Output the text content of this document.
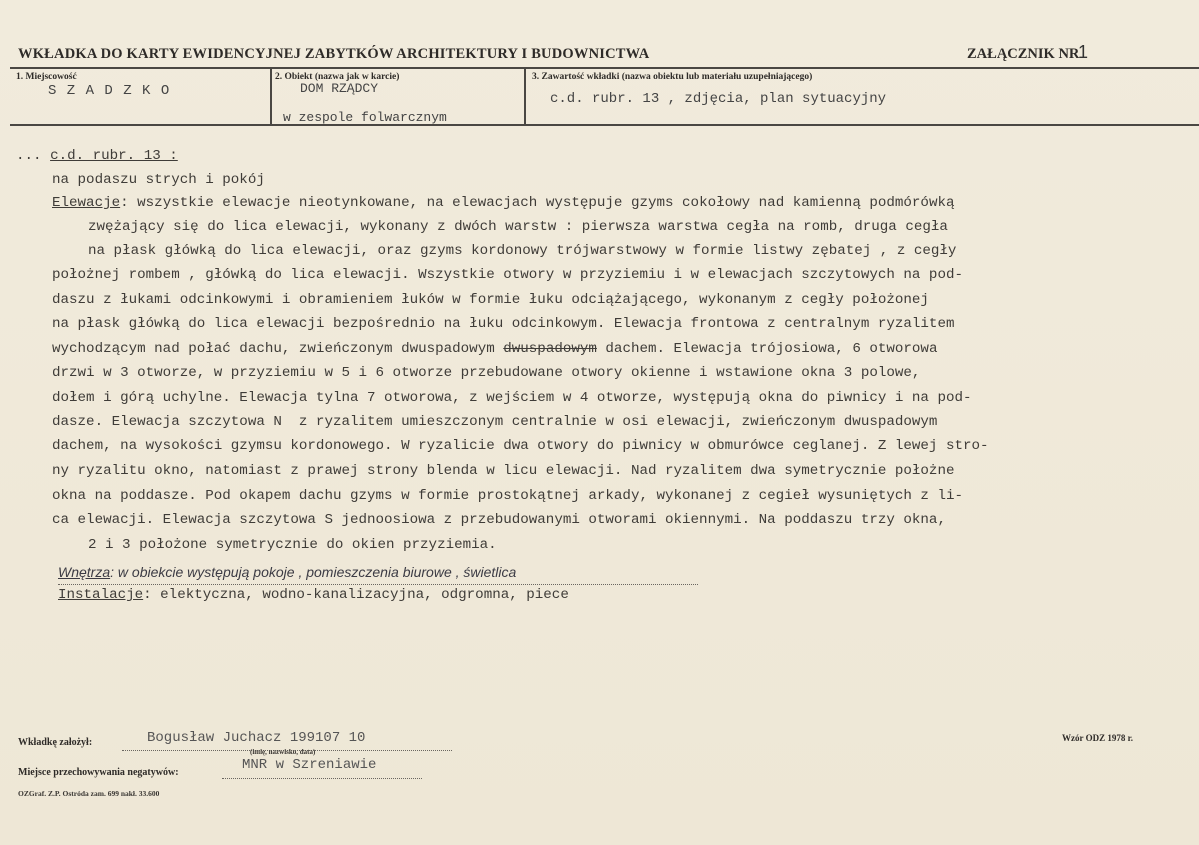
WKŁADKA DO KARTY EWIDENCYJNEJ ZABYTKÓW ARCHITEKTURY I BUDOWNICTWA	ZAŁĄCZNIK NR
1
1. Miejscowość
S Z A D Z K O
2. Obiekt (nazwa jak w karcie)
DOM RZĄDCY
w zespole folwarcznym
3. Zawartość wkładki (nazwa obiektu lub materiału uzupełniającego)
c.d. rubr. 13 , zdjęcia, plan sytuacyjny
... c.d. rubr. 13 :
na podaszu strych i pokój
Elewacje: wszystkie elewacje nieotynkowane, na elewacjach występuje gzyms cokołowy nad kamienną podmórówką
zwężający się do lica elewacji, wykonany z dwóch warstw : pierwsza warstwa cegła na romb, druga cegła
na płask główką do lica elewacji, oraz gzyms kordonowy trójwarstwowy w formie listwy zębatej , z cegły
położnej rombem , główką do lica elewacji. Wszystkie otwory w przyziemiu i w elewacjach szczytowych na pod-
daszu z łukami odcinkowymi i obramieniem łuków w formie łuku odciążającego, wykonanym z cegły położonej
na płask główką do lica elewacji bezpośrednio na łuku odcinkowym. Elewacja frontowa z centralnym ryzalitem
wychodzącym nad połać dachu, zwieńczonym dwuspadowym dwuspadowym dachem. Elewacja trójosiowa, 6 otworowa
drzwi w 3 otworze, w przyziemiu w 5 i 6 otworze przebudowane otwory okienne i wstawione okna 3 polowe,
dołem i górą uchylne. Elewacja tylna 7 otworowa, z wejściem w 4 otworze, występują okna do piwnicy i na pod-
dasze. Elewacja szczytowa N  z ryzalitem umieszczonym centralnie w osi elewacji, zwieńczonym dwuspadowym
dachem, na wysokości gzymsu kordonowego. W ryzalicie dwa otwory do piwnicy w obmurówce ceglanej. Z lewej stro-
ny ryzalitu okno, natomiast z prawej strony blenda w licu elewacji. Nad ryzalitem dwa symetrycznie położne
okna na poddasze. Pod okapem dachu gzyms w formie prostokątnej arkady, wykonanej z cegieł wysuniętych z li-
ca elewacji. Elewacja szczytowa S jednoosiowa z przebudowanymi otworami okiennymi. Na poddaszu trzy okna,
2 i 3 położone symetrycznie do okien przyziemia.
Wnętrza: w obiekcie występują pokoje , pomieszczenia biurowe , świetlica
Instalacje: elektyczna, wodno-kanalizacyjna, odgromna, piece
Wkładkę założył:	Bogusław Juchacz 199107 10
(imię, nazwisko, data)
Miejsce przechowywania negatywów:	MNR w Szreniawie
OZGraf. Z.P. Ostróda zam. 699 nakł. 33.600
Wzór ODZ 1978 r.
